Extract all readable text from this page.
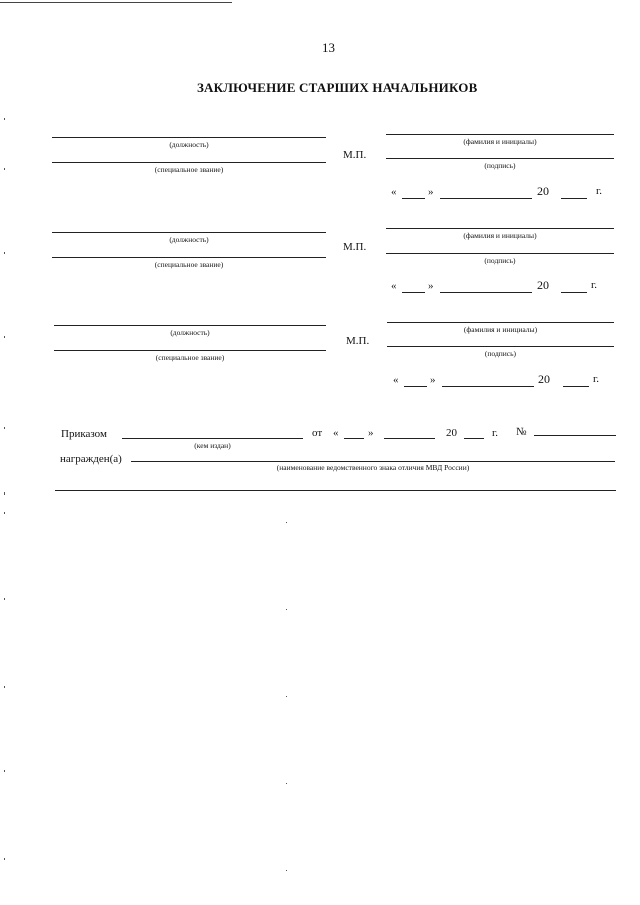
13
ЗАКЛЮЧЕНИЕ СТАРШИХ НАЧАЛЬНИКОВ
(должность)
(специальное звание)
М.П.
(фамилия и инициалы)
(подпись)
«	»	20	г.
(должность)
(специальное звание)
М.П.
(фамилия и инициалы)
(подпись)
«	»	20	г.
(должность)
(специальное звание)
М.П.
(фамилия и инициалы)
(подпись)
«	»	20	г.
Приказом
(кем издан)
от «	»	20	г. №
награжден(а)
(наименование ведомственного знака отличия МВД России)
